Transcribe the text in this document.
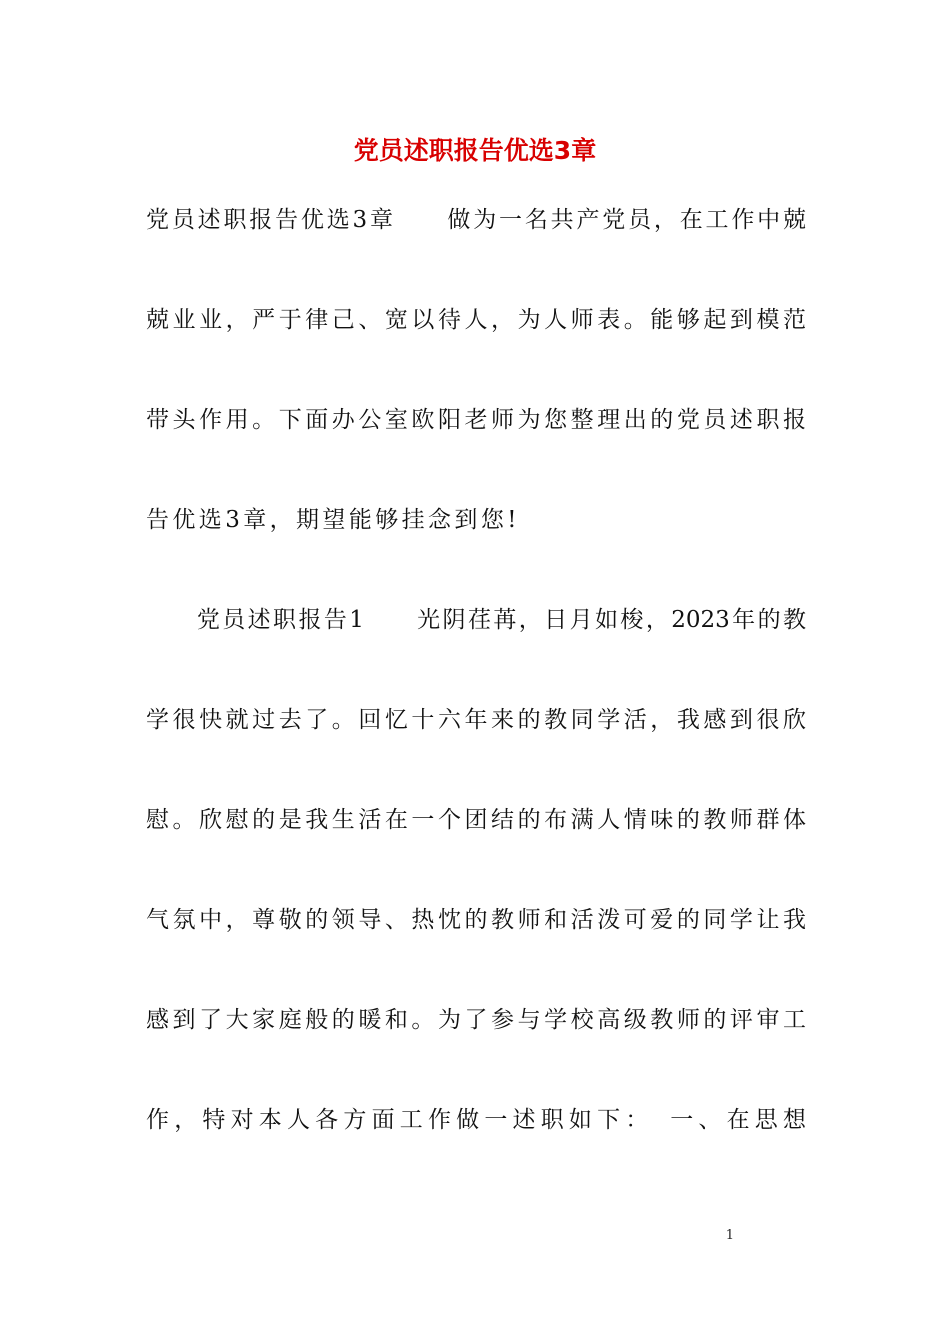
党员述职报告优选3章
党员述职报告优选3章　　做为一名共产党员，在工作中兢
兢业业，严于律己、宽以待人，为人师表。能够起到模范
带头作用。下面办公室欧阳老师为您整理出的党员述职报
告优选3章，期望能够挂念到您!
　　党员述职报告1　　光阴荏苒，日月如梭，2023年的教
学很快就过去了。回忆十六年来的教同学活，我感到很欣
慰。欣慰的是我生活在一个团结的布满人情味的教师群体
气氛中，尊敬的领导、热忱的教师和活泼可爱的同学让我
感到了大家庭般的暖和。为了参与学校高级教师的评审工
作，特对本人各方面工作做一述职如下：　一、在思想
1
